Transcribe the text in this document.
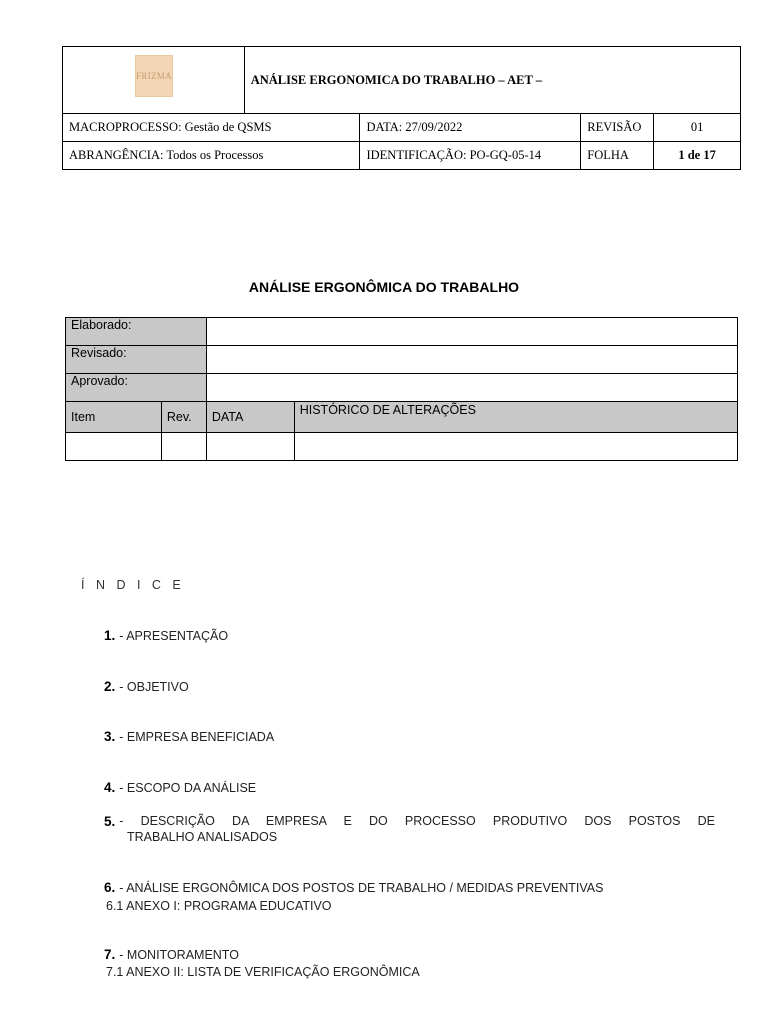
FRIZMA	ANÁLISE ERGONOMICA DO TRABALHO – AET –			
MACROPROCESSO: Gestão de QSMS		DATA: 27/09/2022	REVISÃO	01
ABRANGÊNCIA: Todos os Processos		IDENTIFICAÇÃO: PO-GQ-05-14	FOLHA	1 de 17
ANÁLISE ERGONÔMICA DO TRABALHO
Elaborado:			
Revisado:			
Aprovado:			
Item	Rev.	DATA	HISTÓRICO DE ALTERAÇÕES

Í N D I C E
1. - APRESENTAÇÃO
2. - OBJETIVO
3. - EMPRESA BENEFICIADA
4. - ESCOPO DA ANÁLISE
5. - DESCRIÇÃO DA EMPRESA E DO PROCESSO PRODUTIVO DOS POSTOS DE
TRABALHO ANALISADOS
6. - ANÁLISE ERGONÔMICA DOS POSTOS DE TRABALHO / MEDIDAS PREVENTIVAS
6.1 ANEXO I: PROGRAMA EDUCATIVO
7. - MONITORAMENTO
7.1 ANEXO II: LISTA DE VERIFICAÇÃO ERGONÔMICA
